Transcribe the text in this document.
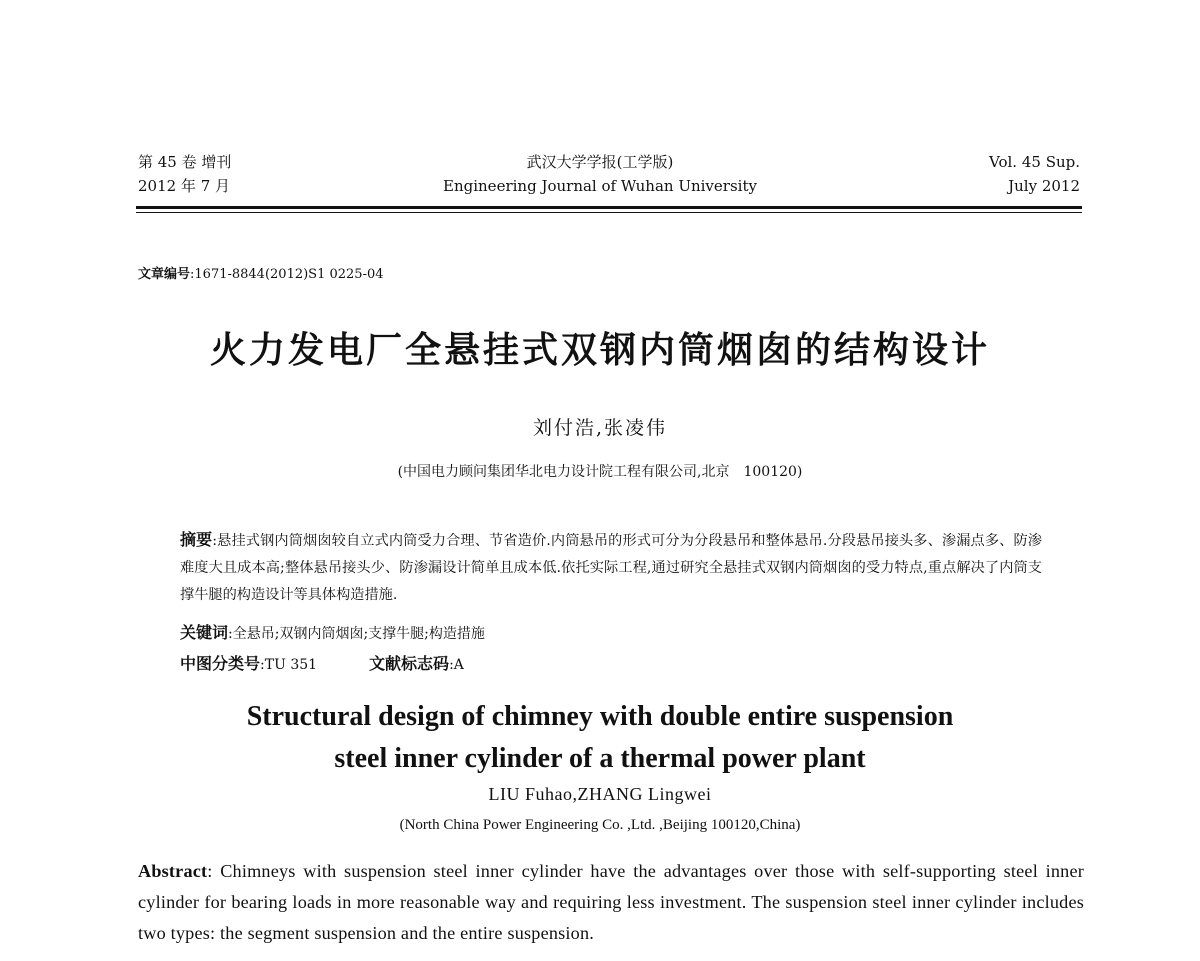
第 45 卷 增刊
2012 年 7 月
武汉大学学报(工学版)
Engineering Journal of Wuhan University
Vol. 45 Sup.
July 2012
文章编号:1671-8844(2012)S1 0225-04
火力发电厂全悬挂式双钢内筒烟囱的结构设计
刘付浩,张凌伟
(中国电力顾问集团华北电力设计院工程有限公司,北京　100120)
摘要:悬挂式钢内筒烟囱较自立式内筒受力合理、节省造价.内筒悬吊的形式可分为分段悬吊和整体悬吊.分段悬吊接头多、渗漏点多、防渗难度大且成本高;整体悬吊接头少、防渗漏设计简单且成本低.依托实际工程,通过研究全悬挂式双钢内筒烟囱的受力特点,重点解决了内筒支撑牛腿的构造设计等具体构造措施.
关键词:全悬吊;双钢内筒烟囱;支撑牛腿;构造措施
中图分类号:TU 351	文献标志码:A
Structural design of chimney with double entire suspension
steel inner cylinder of a thermal power plant
LIU Fuhao,ZHANG Lingwei
(North China Power Engineering Co. ,Ltd. ,Beijing 100120,China)
Abstract: Chimneys with suspension steel inner cylinder have the advantages over those with self-supporting steel inner cylinder for bearing loads in more reasonable way and requiring less investment. The suspension steel inner cylinder includes two types: the segment suspension and the entire suspension.
